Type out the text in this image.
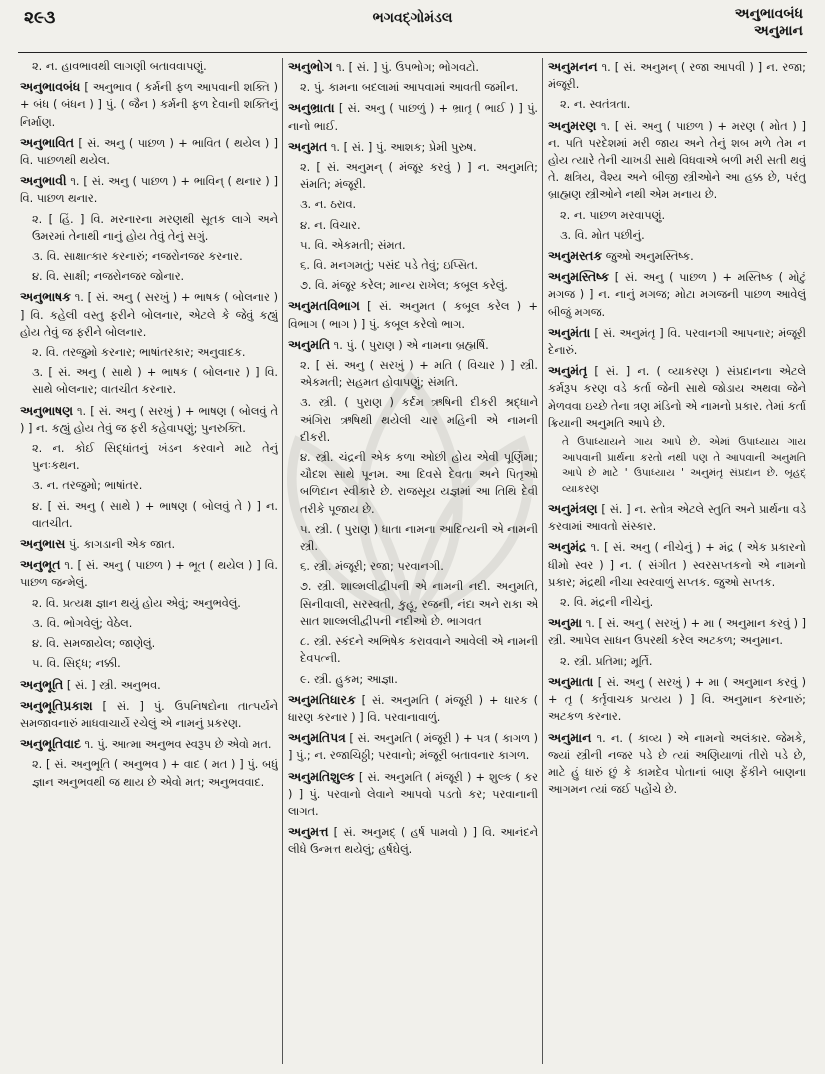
૨૯૩	ભગવદ્ગોમંડલ	અનુભાવબંધ
અનુમાન

૨. ન. હાવભાવથી લાગણી બતાવવાપણું.

અનુભાવબંધ [ અનુભાવ ( કર્મની ફળ આપવાની શક્તિ ) + બંધ ( બંધન ) ] પું. ( જૈન ) કર્મની ફળ દેવાની શક્તિનું નિર્માણ.

અનુભાવિત [ સં. અનુ ( પાછળ ) + ભાવિત ( થયેલ ) ] વિ. પાછળથી થયેલ.

અનુભાવી ૧. [ સં. અનુ ( પાછળ ) + ભાવિન્ ( થનાર ) ] વિ. પાછળ થનાર.

૨. [ હિં. ] વિ. મરનારના મરણથી સૂતક લાગે અને ઉમરમાં તેનાથી નાનું હોય તેવું તેનું સગું.

૩. વિ. સાક્ષાત્કાર કરનારું; નજરોનજર કરનાર.

૪. વિ. સાક્ષી; નજરોનજર જોનાર.

અનુભાષક ૧. [ સં. અનુ ( સરખું ) + ભાષક ( બોલનાર ) ] વિ. કહેલી વસ્તુ ફરીને બોલનાર, એટલે કે જેવું કહ્યું હોય તેવું જ ફરીને બોલનાર.

૨. વિ. તરજુમો કરનાર; ભાષાંતરકાર; અનુવાદક.

૩. [ સં. અનુ ( સાથે ) + ભાષક ( બોલનાર ) ] વિ. સાથે બોલનાર; વાતચીત કરનાર.

અનુભાષણ ૧. [ સં. અનુ ( સરખું ) + ભાષણ ( બોલવું તે ) ] ન. કહ્યું હોય તેવું જ ફરી કહેવાપણું; પુનરુક્તિ.

૨. ન. કોઈ સિદ્ધાંતનું ખંડન કરવાને માટે તેનું પુનઃકથન.

૩. ન. તરજુમો; ભાષાંતર.

૪. [ સં. અનુ ( સાથે ) + ભાષણ ( બોલવું તે ) ] ન. વાતચીત.

અનુભાસ પું. કાગડાની એક જાત.

અનુભૂત ૧. [ સં. અનુ ( પાછળ ) + ભૂત ( થયેલ ) ] વિ. પાછળ જન્મેલું.

૨. વિ. પ્રત્યક્ષ જ્ઞાન થયું હોય એવું; અનુભવેલું.

૩. વિ. ભોગવેલું; વેઠેલ.

૪. વિ. સમજાયેલ; જાણેલું.

૫. વિ. સિદ્ધ; નક્કી.

અનુભૂતિ [ સં. ] સ્ત્રી. અનુભવ.

અનુભૂતિપ્રકાશ [ સં. ] પું. ઉપનિષદોના તાત્પર્યને સમજાવનારું માધવાચાર્યે રચેલું એ નામનું પ્રકરણ.

અનુભૂતિવાદ ૧. પું. આત્મા અનુભવ સ્વરૂપ છે એવો મત.

૨. [ સં. અનુભૂતિ ( અનુભવ ) + વાદ ( મત ) ] પું. બધું જ્ઞાન અનુભવથી જ થાય છે એવો મત; અનુભવવાદ.

અનુભોગ ૧. [ સં. ] પું. ઉપભોગ; ભોગવટો.

૨. પું. કામના બદલામાં આપવામાં આવતી જમીન.

અનુભ્રાતા [ સં. અનુ ( પાછળું ) + ભ્રાતૃ ( ભાઈ ) ] પું. નાનો ભાઈ.

અનુમત ૧. [ સં. ] પું. આશક; પ્રેમી પુરુષ.

૨. [ સં. અનુમન્ ( મંજૂર કરવું ) ] ન. અનુમતિ; સંમતિ; મંજૂરી.

૩. ન. ઠરાવ.

૪. ન. વિચાર.

૫. વિ. એકમતી; સંમત.

૬. વિ. મનગમતું; પસંદ પડે તેવું; ઇપ્સિત.

૭. વિ. મંજૂર કરેલ; માન્ય રાખેલ; કબૂલ કરેલું.

અનુમતવિભાગ [ સં. અનુમત ( કબૂલ કરેલ ) + વિભાગ ( ભાગ ) ] પું. કબૂલ કરેલો ભાગ.

અનુમતિ ૧. પું. ( પુરાણ ) એ નામના બ્રહ્મર્ષિ.

૨. [ સં. અનુ ( સરખું ) + મતિ ( વિચાર ) ] સ્ત્રી. એકમતી; સહમત હોવાપણું; સંમતિ.

૩. સ્ત્રી. ( પુરાણ ) કર્દમ ઋષિની દીકરી શ્રદ્ધાને અંગિરા ઋષિથી થયેલી ચાર મહિની એ નામની દીકરી.

૪. સ્ત્રી. ચંદ્રની એક કળા ઓછી હોય એવી પૂર્ણિમા; ચૌદશ સાથે પૂનમ. આ દિવસે દેવતા અને પિતૃઓ બળિદાન સ્વીકારે છે. રાજસૂય યજ્ઞમાં આ તિથિ દેવી તરીકે પૂજાય છે.

૫. સ્ત્રી. ( પુરાણ ) ધાતા નામના આદિત્યની એ નામની સ્ત્રી.

૬. સ્ત્રી. મંજૂરી; રજા; પરવાનગી.

૭. સ્ત્રી. શાલ્મલીદ્વીપની એ નામની નદી. અનુમતિ, સિનીવાલી, સરસ્વતી, કુહૂ, રજની, નંદા અને રાકા એ સાત શાલ્મલીદ્વીપની નદીઓ છે. ભાગવત

૮. સ્ત્રી. સ્કંદને અભિષેક કરાવવાને આવેલી એ નામની દેવપત્ની.

૯. સ્ત્રી. હુકમ; આજ્ઞા.

અનુમતિધારક [ સં. અનુમતિ ( મંજૂરી ) + ધારક ( ધારણ કરનાર ) ] વિ. પરવાનાવાળું.

અનુમતિપત્ર [ સં. અનુમતિ ( મંજૂરી ) + પત્ર ( કાગળ ) ] પું.; ન. રજાચિઠ્ઠી; પરવાનો; મંજૂરી બતાવનાર કાગળ.

અનુમતિશુલ્ક [ સં. અનુમતિ ( મંજૂરી ) + શુલ્ક ( કર ) ] પું. પરવાનો લેવાને આપવો પડતો કર; પરવાનાની લાગત.

અનુમત્ત [ સં. અનુમદ્ ( હર્ષ પામવો ) ] વિ. આનંદને લીધે ઉન્મત્ત થયેલું; હર્ષઘેલું.

અનુમનન ૧. [ સં. અનુમન્ ( રજા આપવી ) ] ન. રજા; મંજૂરી.

૨. ન. સ્વતંત્રતા.

અનુમરણ ૧. [ સં. અનુ ( પાછળ ) + મરણ ( મોત ) ] ન. પતિ પરદેશમાં મરી જાય અને તેનું શબ મળે તેમ ન હોય ત્યારે તેની ચાખડી સાથે વિધવાએ બળી મરી સતી થવું તે. ક્ષત્રિય, વૈશ્ય અને બીજી સ્ત્રીઓને આ હક્ક છે, પરંતુ બ્રાહ્મણ સ્ત્રીઓને નથી એમ મનાય છે.

૨. ન. પાછળ મરવાપણું.

૩. વિ. મોત પછીનું.

અનુમસ્તક જુઓ અનુમસ્તિષ્ક.

અનુમસ્તિષ્ક [ સં. અનુ ( પાછળ ) + મસ્તિષ્ક ( મોટું મગજ ) ] ન. નાનું મગજ; મોટા મગજની પાછળ આવેલું બીજું મગજ.

અનુમંતા [ સં. અનુમંતૃ ] વિ. પરવાનગી આપનાર; મંજૂરી દેનારું.

અનુમંતૃ [ સં. ] ન. ( વ્યાકરણ ) સંપ્રદાનના એટલે કર્મરૂપ કરણ વડે કર્તા જેની સાથે જોડાય અથવા જેને મેળવવા ઇચ્છે તેના ત્રણ મંડિનો એ નામનો પ્રકાર. તેમાં કર્તા ક્રિયાની અનુમતિ આપે છે.

તે ઉપાધ્યાયને ગાય આપે છે. એમાં ઉપાધ્યાય ગાય આપવાની પ્રાર્થના કરતો નથી પણ તે આપવાની અનુમતિ આપે છે માટે ' ઉપાધ્યાય ' અનુમંતૃ સંપ્રદાન છે. બૃહદ્ વ્યાકરણ

અનુમંત્રણ [ સં. ] ન. સ્તોત્ર એટલે સ્તુતિ અને પ્રાર્થના વડે કરવામાં આવતો સંસ્કાર.

અનુમંદ્ર ૧. [ સં. અનુ ( નીચેનું ) + મંદ્ર ( એક પ્રકારનો ધીમો સ્વર ) ] ન. ( સંગીત ) સ્વરસપ્તકનો એ નામનો પ્રકાર; મંદ્રથી નીચા સ્વરવાળું સપ્તક. જુઓ સપ્તક.

૨. વિ. મંદ્રની નીચેનું.

અનુમા ૧. [ સં. અનુ ( સરખું ) + મા ( અનુમાન કરવું ) ] સ્ત્રી. આપેલ સાધન ઉપરથી કરેલ અટકળ; અનુમાન.

૨. સ્ત્રી. પ્રતિમા; મૂર્તિ.

અનુમાતા [ સં. અનુ ( સરખું ) + મા ( અનુમાન કરવું ) + તૃ ( કર્તૃવાચક પ્રત્યય ) ] વિ. અનુમાન કરનારું; અટકળ કરનાર.

અનુમાન ૧. ન. ( કાવ્ય ) એ નામનો અલંકાર. જેમકે, જ્યાં સ્ત્રીની નજર પડે છે ત્યાં અણિયાળાં તીરો પડે છે, માટે હું ધારું છું કે કામદેવ પોતાનાં બાણ ફેંકીને બાણના આગમન ત્યાં જઈ પહોંચે છે.
